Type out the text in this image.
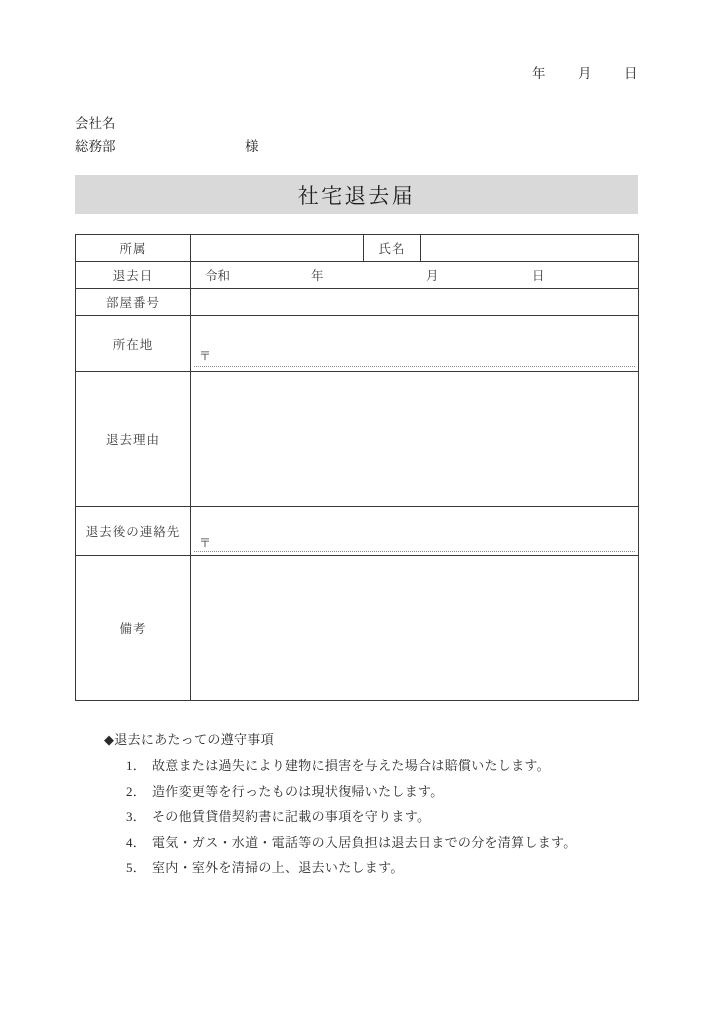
年 月 日
会社名
総務部	様
社宅退去届
所属		氏名	
退去日	令和 年 月 日		

部屋番号			
所在地	〒		

退去理由			
退去後の連絡先	〒		

備考			
◆退去にあたっての遵守事項
1． 故意または過失により建物に損害を与えた場合は賠償いたします。
2． 造作変更等を行ったものは現状復帰いたします。
3． その他賃貸借契約書に記載の事項を守ります。
4． 電気・ガス・水道・電話等の入居負担は退去日までの分を清算します。
5． 室内・室外を清掃の上、退去いたします。
